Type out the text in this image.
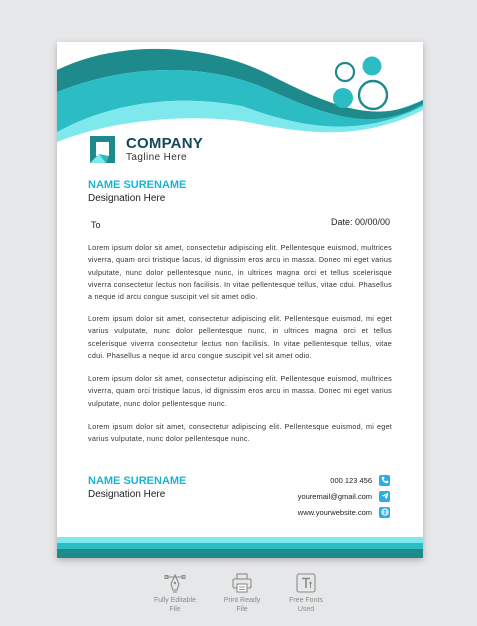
COMPANY
Tagline Here
NAME SURENAME
Designation Here
To	Date: 00/00/00
Lorem ipsum dolor sit amet, consectetur adipiscing elit. Pellentesque euismod, multrices viverra, quam orci tristique lacus, id dignissim eros arcu in massa. Donec mi eget varius vulputate, nunc dolor pellentesque nunc, in ultrices magna orci et tellus scelerisque viverra consectetur lectus non facilisis. In vitae pellentesque tellus, vitae cdui. Phasellus a neque id arcu congue suscipit vel sit amet odio.
Lorem ipsum dolor sit amet, consectetur adipiscing elit. Pellentesque euismod, mi eget varius vulputate, nunc dolor pellentesque nunc, in ultrices magna orci et tellus scelerisque viverra consectetur lectus non facilisis. In vitae pellentesque tellus, vitae cdui. Phasellus a neque id arcu congue suscipit vel sit amet odio.
Lorem ipsum dolor sit amet, consectetur adipiscing elit. Pellentesque euismod, multrices viverra, quam orci tristique lacus, id dignissim eros arcu in massa. Donec mi eget varius vulputate, nunc dolor pellentesque nunc.
Lorem ipsum dolor sit amet, consectetur adipiscing elit. Pellentesque euismod, mi eget varius vulputate, nunc dolor pellentesque nunc.
NAME SURENAME
Designation Here
000 123 456
youremail@gmail.com
www.yourwebsite.com
Fully Editable
File
Print Ready
File
Free Fonts
Used
